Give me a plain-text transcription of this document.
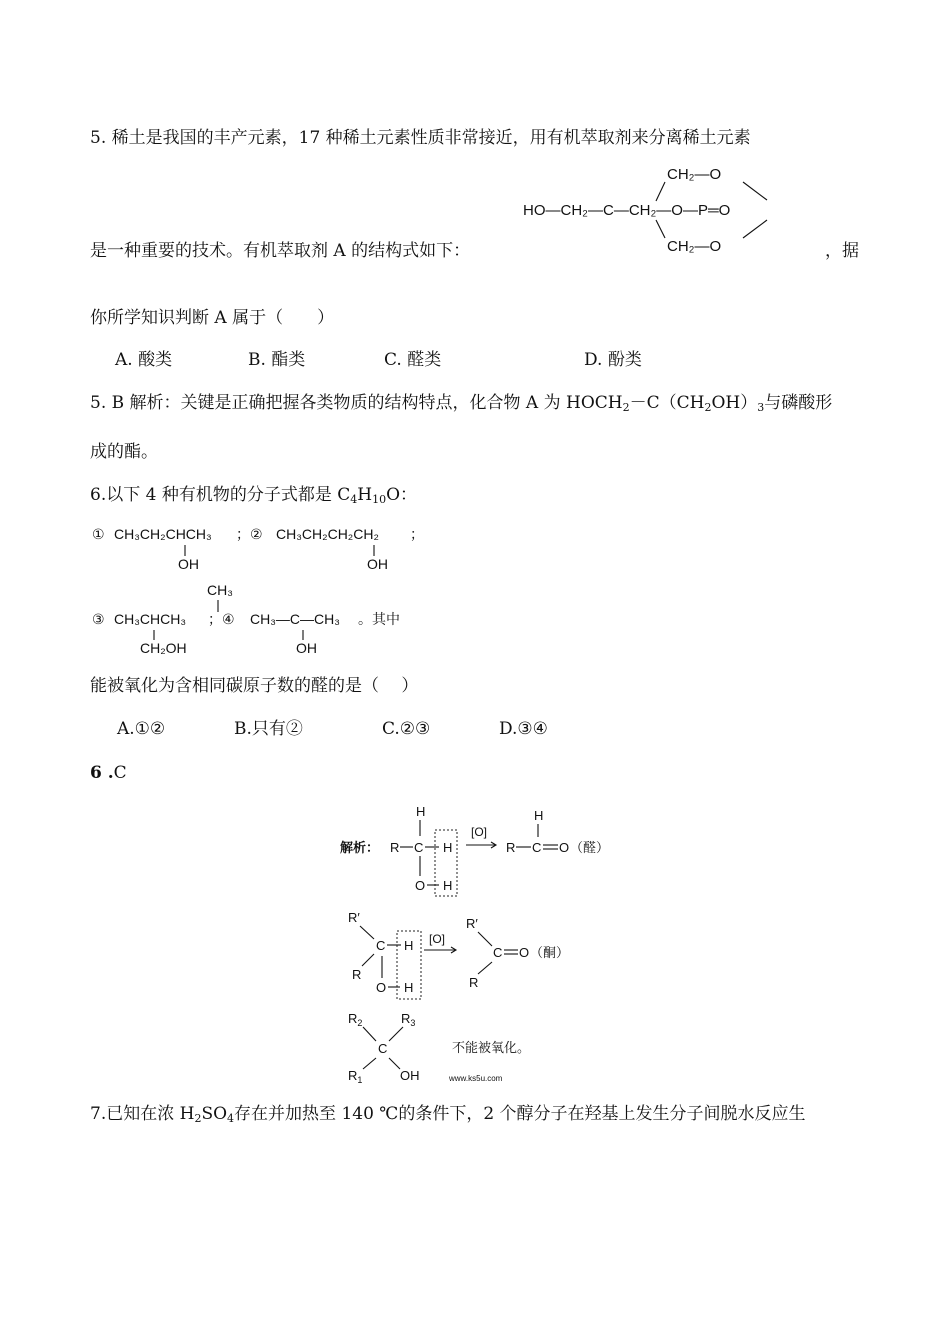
5. 稀土是我国的丰产元素，17 种稀土元素性质非常接近，用有机萃取剂来分离稀土元素
CH₂—O
HO—CH₂—C—CH₂—O—P═O
CH₂—O
是一种重要的技术。有机萃取剂 A 的结构式如下：	，据
你所学知识判断 A 属于（　　）
A. 酸类	B. 酯类	C. 醛类	D. 酚类
5. B 解析：关键是正确把握各类物质的结构特点，化合物 A 为 $HOCH_2-C(CH_2OH)_3$与磷酸形
成的酯。
6.以下 4 种有机物的分子式都是 $C_4H_{10}O$：
① CH₃CH₂CHCH₃
OH
；② CH₃CH₂CH₂CH₂
OH
；
CH₃
③ CH₃CHCH₃
CH₂OH
；④ CH₃—C—CH₃
OH
。其中
能被氧化为含相同碳原子数的醛的是（　 ）
A.①②	B.只有②	C.②③	D.③④
6 .C
解析：
H
R C H
O H
[O]
H
R C O （醛）
R′
C H
R
O H
[O]
R′
C O （酮）
R
$R_2$	$R_3$
C
$R_1$	OH
不能被氧化。
www.ks5u.com
7.已知在浓 $H_2SO_4$存在并加热至 140 ℃的条件下，2 个醇分子在羟基上发生分子间脱水反应生
